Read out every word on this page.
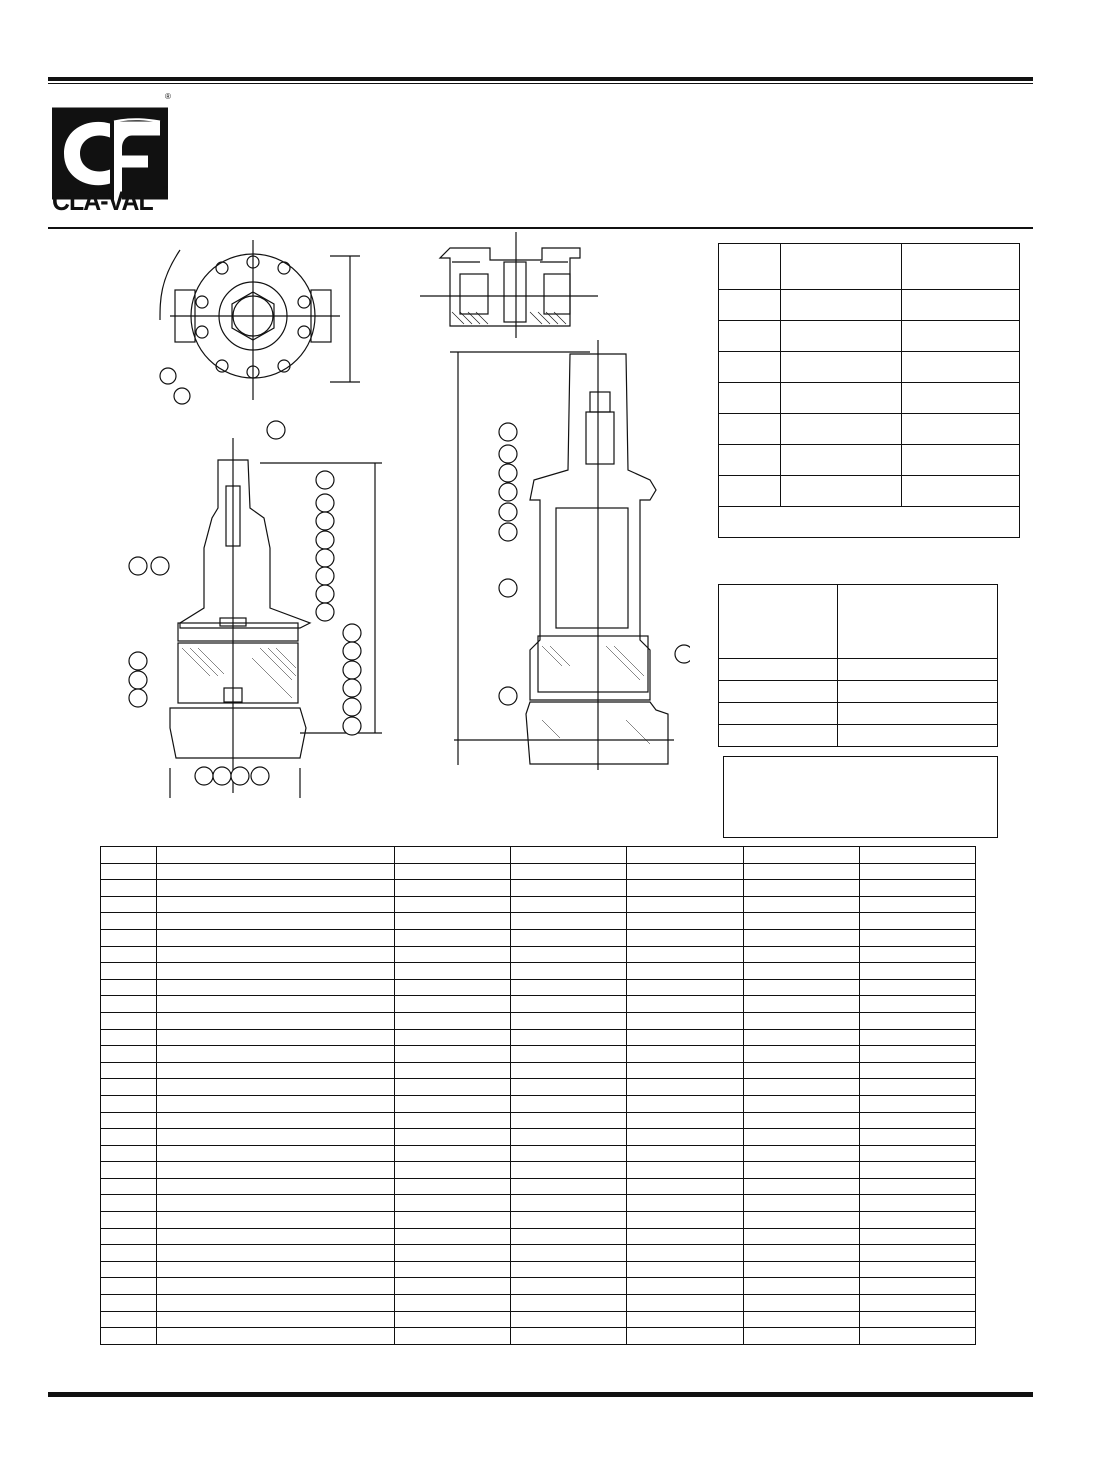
®
CLA-VAL ™
